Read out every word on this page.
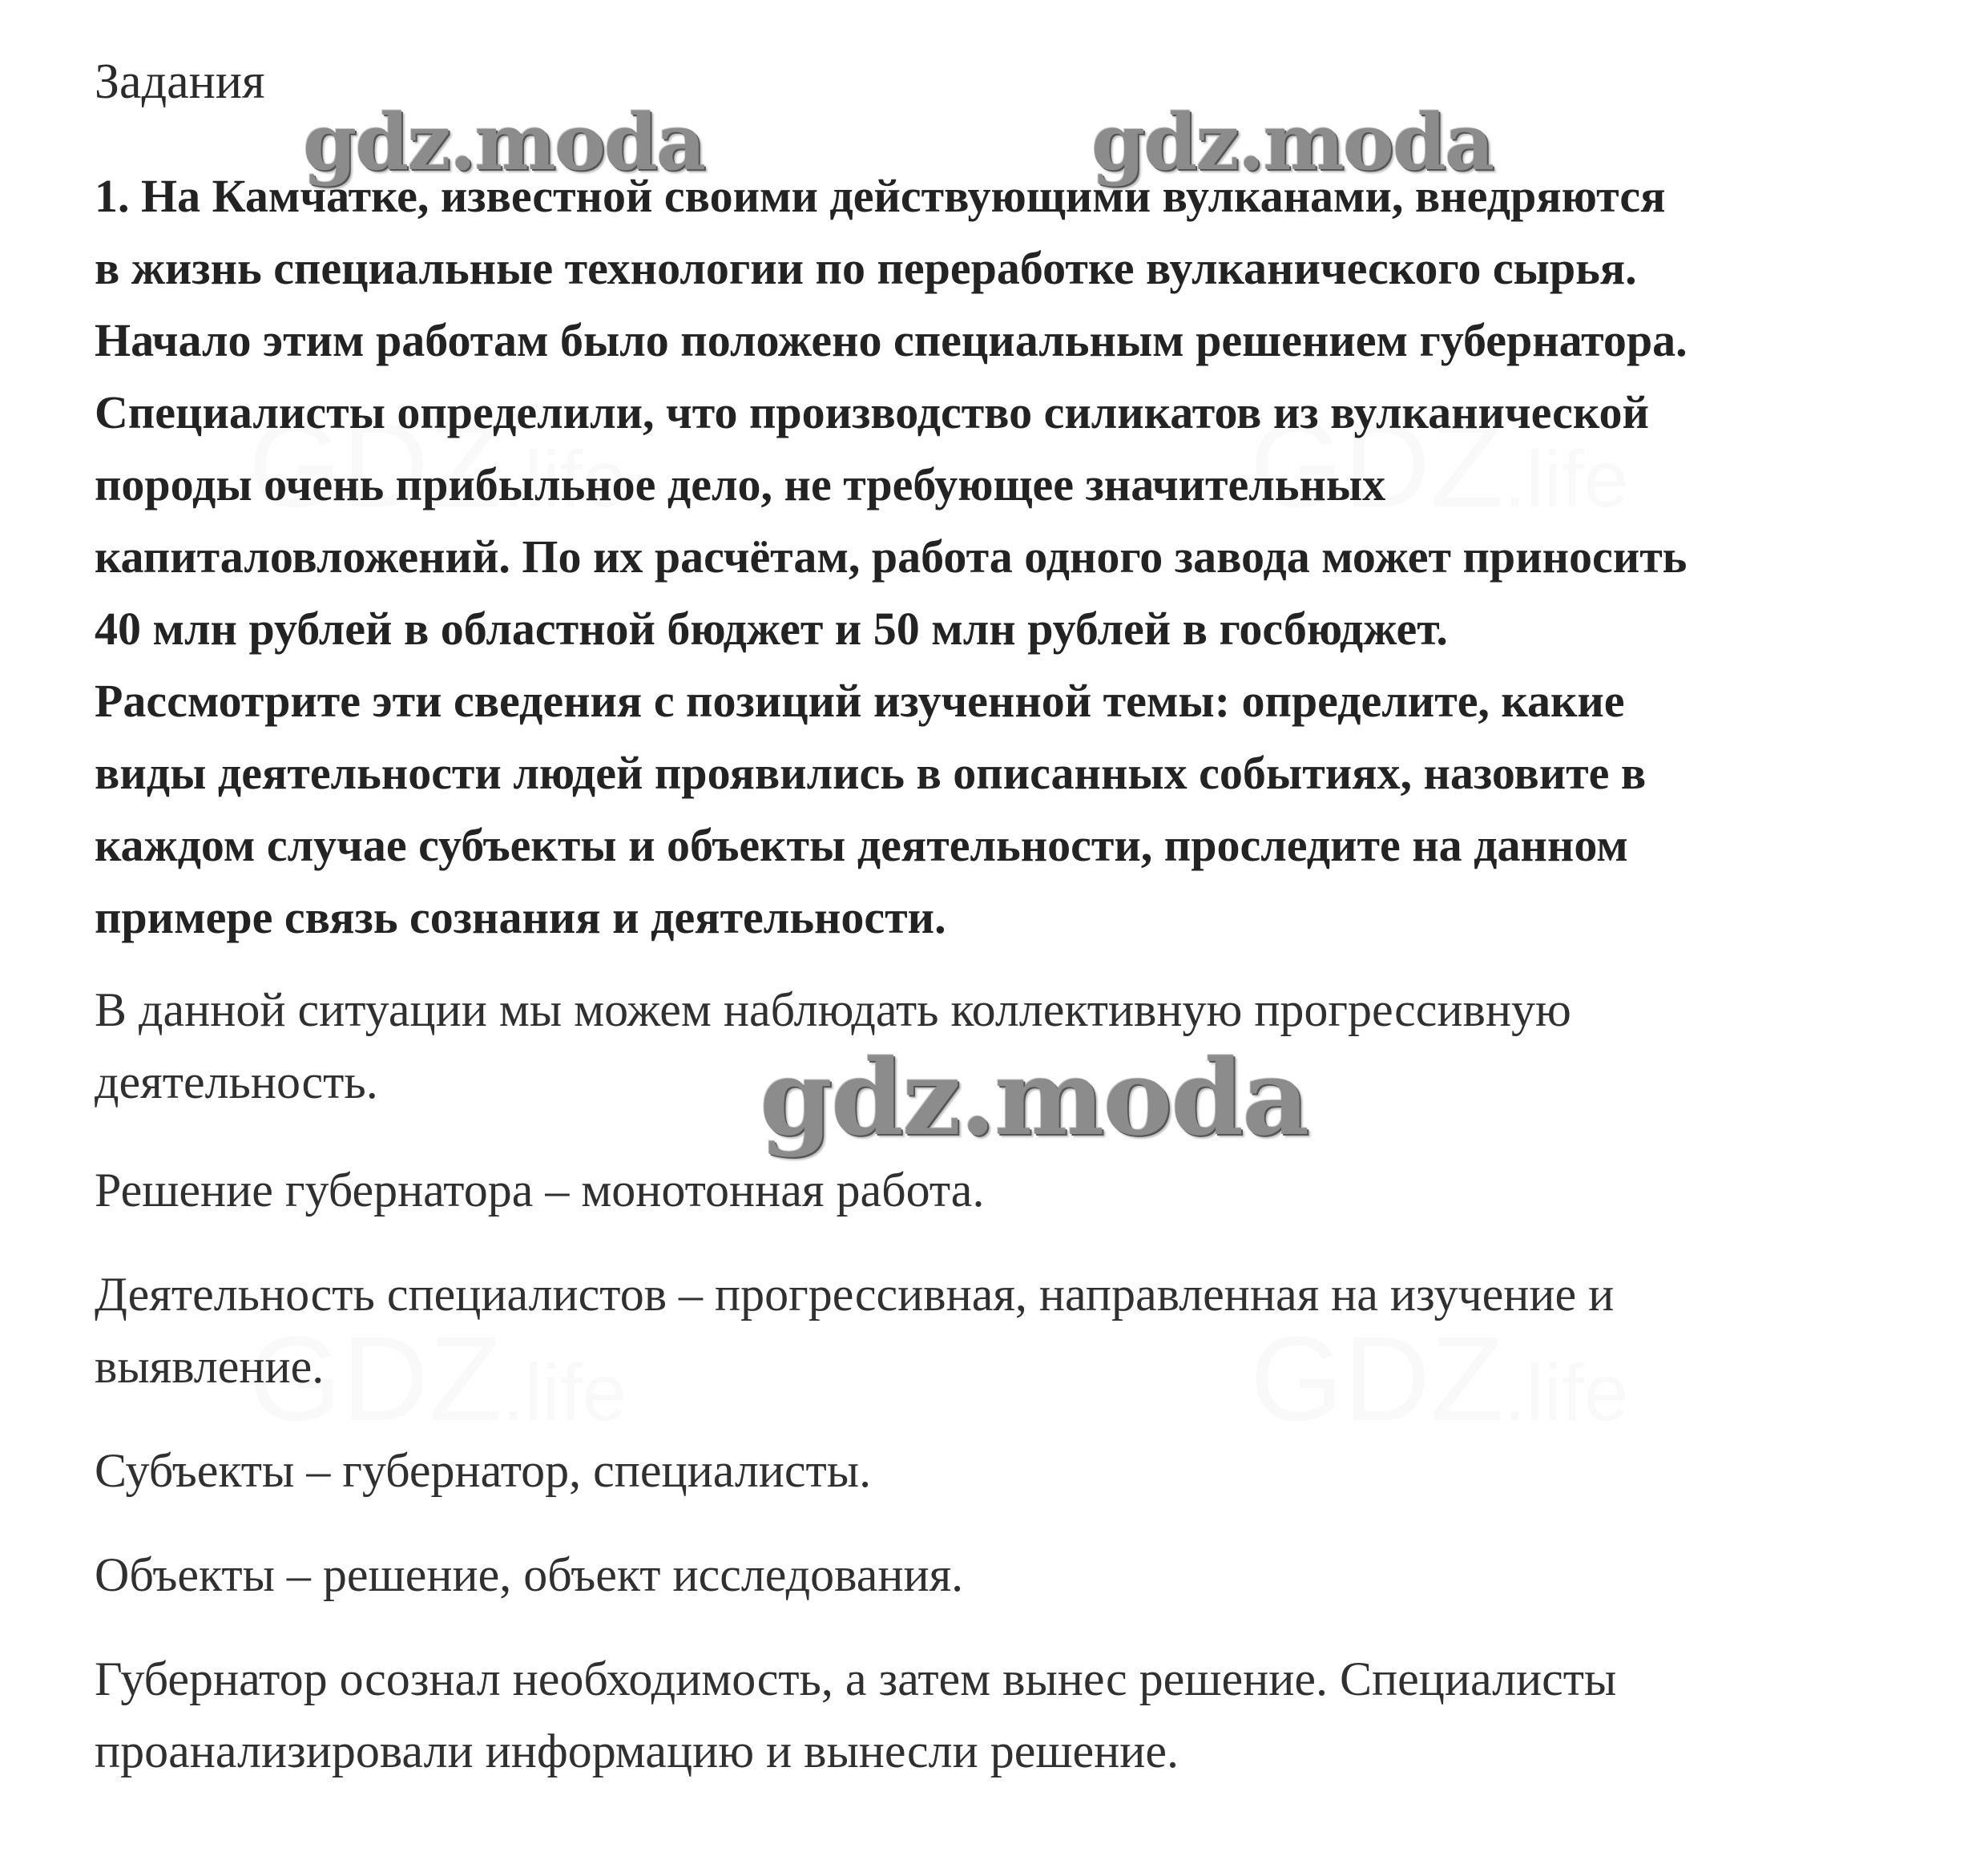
Задания
gdz.moda	gdz.moda
1. На Камчатке, известной своими действующими вулканами, внедряются
в жизнь специальные технологии по переработке вулканического сырья.
Начало этим работам было положено специальным решением губернатора.
Специалисты определили, что производство силикатов из вулканической
породы очень прибыльное дело, не требующее значительных
капиталовложений. По их расчётам, работа одного завода может приносить
40 млн рублей в областной бюджет и 50 млн рублей в госбюджет.
Рассмотрите эти сведения с позиций изученной темы: определите, какие
виды деятельности людей проявились в описанных событиях, назовите в
каждом случае субъекты и объекты деятельности, проследите на данном
примере связь сознания и деятельности.
В данной ситуации мы можем наблюдать коллективную прогрессивную
деятельность.	gdz.moda
Решение губернатора – монотонная работа.
Деятельность специалистов – прогрессивная, направленная на изучение и
выявление.
Субъекты – губернатор, специалисты.
Объекты – решение, объект исследования.
Губернатор осознал необходимость, а затем вынес решение. Специалисты
проанализировали информацию и вынесли решение.
